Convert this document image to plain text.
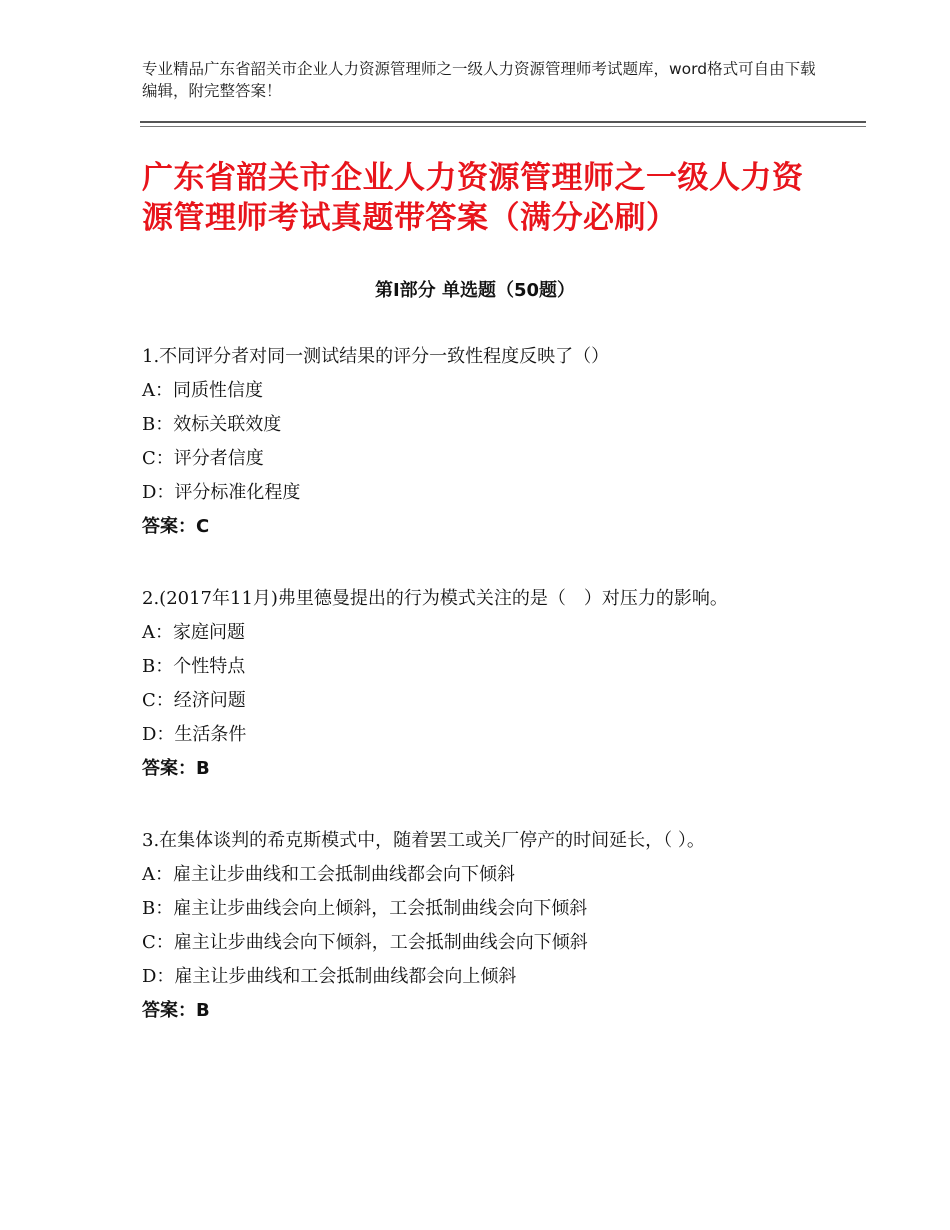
专业精品广东省韶关市企业人力资源管理师之一级人力资源管理师考试题库，word格式可自由下载编辑，附完整答案！
广东省韶关市企业人力资源管理师之一级人力资源管理师考试真题带答案（满分必刷）
第Ⅰ部分 单选题（50题）

1.不同评分者对同一测试结果的评分一致性程度反映了（）

A：同质性信度

B：效标关联效度

C：评分者信度

D：评分标准化程度

答案：C

2.(2017年11月)弗里德曼提出的行为模式关注的是（　）对压力的影响。

A：家庭问题

B：个性特点

C：经济问题

D：生活条件

答案：B

3.在集体谈判的希克斯模式中，随着罢工或关厂停产的时间延长，（ ）。

A：雇主让步曲线和工会抵制曲线都会向下倾斜

B：雇主让步曲线会向上倾斜，工会抵制曲线会向下倾斜

C：雇主让步曲线会向下倾斜，工会抵制曲线会向下倾斜

D：雇主让步曲线和工会抵制曲线都会向上倾斜

答案：B
